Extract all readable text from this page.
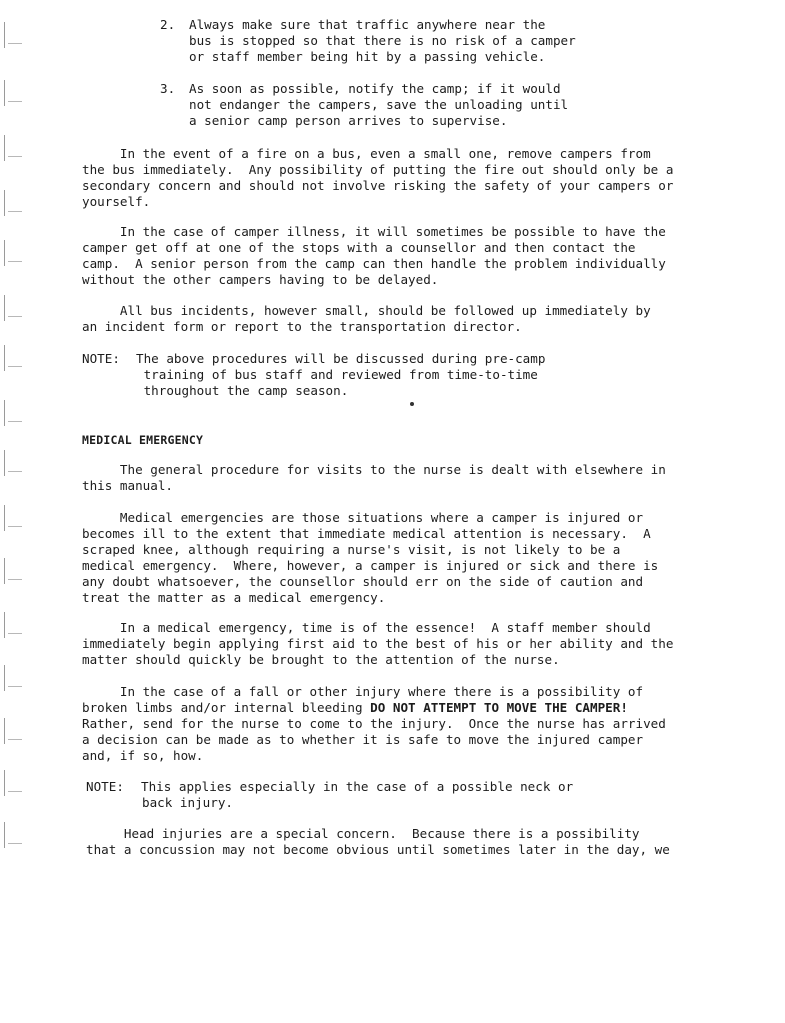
2. Always make sure that traffic anywhere near the
bus is stopped so that there is no risk of a camper
or staff member being hit by a passing vehicle.
3. As soon as possible, notify the camp; if it would
not endanger the campers, save the unloading until
a senior camp person arrives to supervise.
In the event of a fire on a bus, even a small one, remove campers from
the bus immediately.  Any possibility of putting the fire out should only be a
secondary concern and should not involve risking the safety of your campers or
yourself.
In the case of camper illness, it will sometimes be possible to have the
camper get off at one of the stops with a counsellor and then contact the
camp.  A senior person from the camp can then handle the problem individually
without the other campers having to be delayed.
All bus incidents, however small, should be followed up immediately by
an incident form or report to the transportation director.
NOTE: The above procedures will be discussed during pre-camp
training of bus staff and reviewed from time-to-time
throughout the camp season.
MEDICAL EMERGENCY
The general procedure for visits to the nurse is dealt with elsewhere in
this manual.
Medical emergencies are those situations where a camper is injured or
becomes ill to the extent that immediate medical attention is necessary.  A
scraped knee, although requiring a nurse's visit, is not likely to be a
medical emergency.  Where, however, a camper is injured or sick and there is
any doubt whatsoever, the counsellor should err on the side of caution and
treat the matter as a medical emergency.
In a medical emergency, time is of the essence!  A staff member should
immediately begin applying first aid to the best of his or her ability and the
matter should quickly be brought to the attention of the nurse.
In the case of a fall or other injury where there is a possibility of
broken limbs and/or internal bleeding DO NOT ATTEMPT TO MOVE THE CAMPER!
Rather, send for the nurse to come to the injury.  Once the nurse has arrived
a decision can be made as to whether it is safe to move the injured camper
and, if so, how.
NOTE: This applies especially in the case of a possible neck or
back injury.
Head injuries are a special concern.  Because there is a possibility
that a concussion may not become obvious until sometimes later in the day, we
